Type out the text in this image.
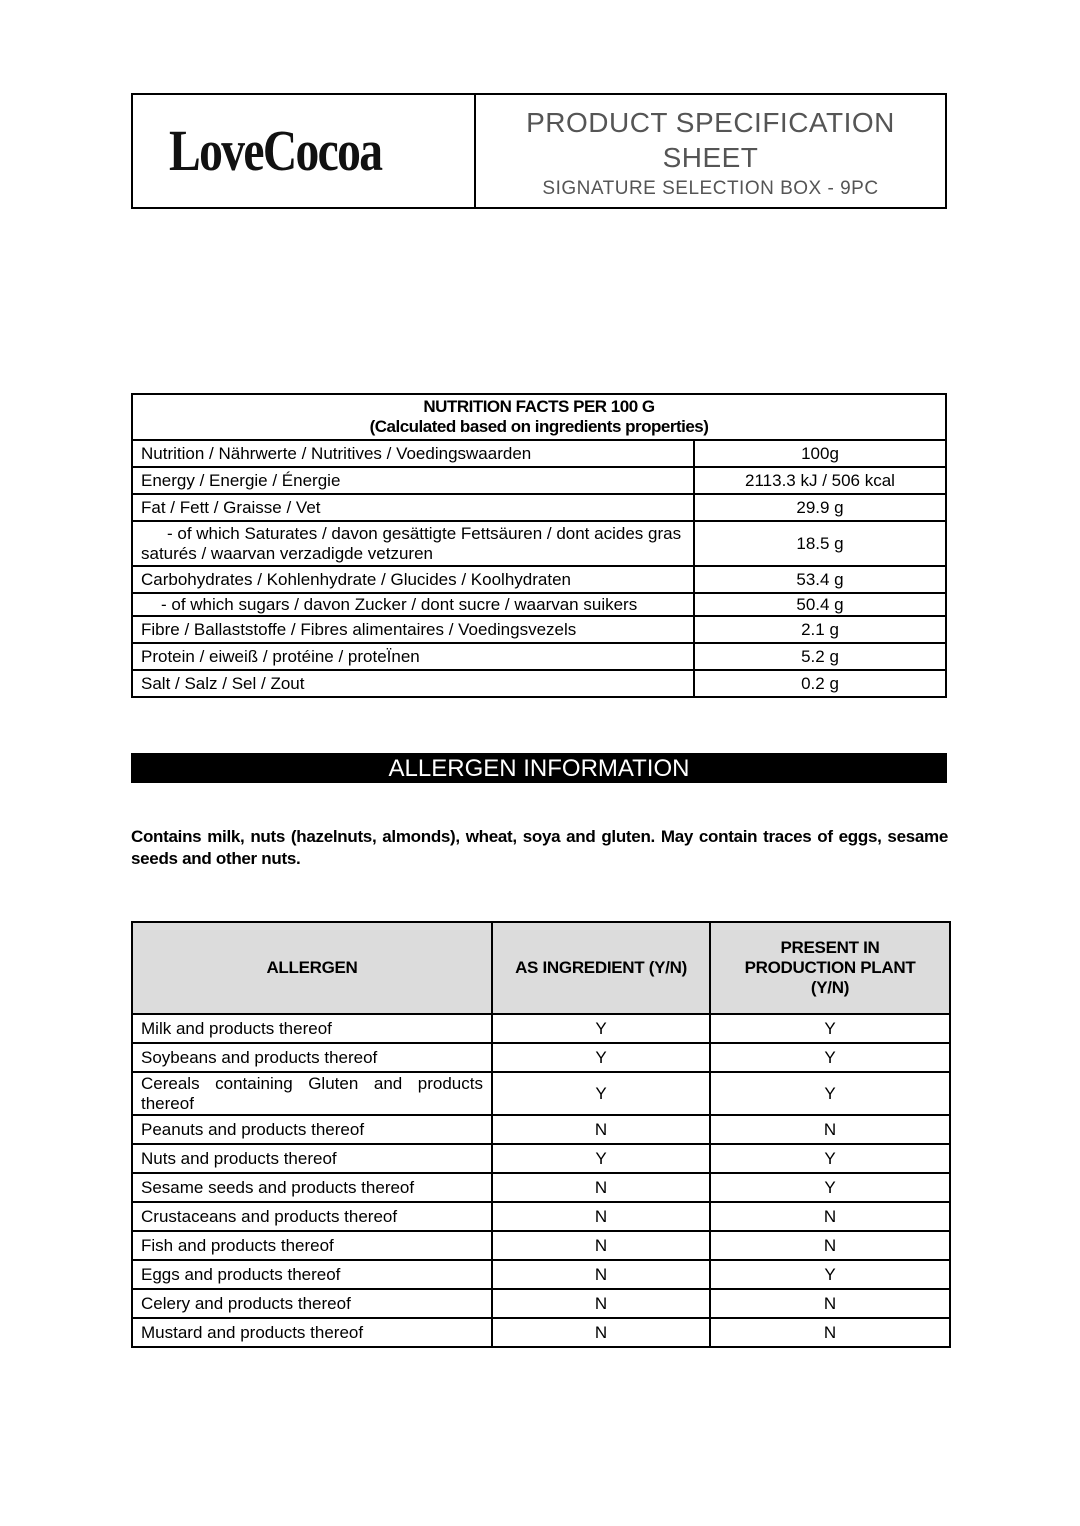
LoveCocoa	PRODUCT SPECIFICATION SHEET
SIGNATURE SELECTION BOX - 9PC
NUTRITION FACTS PER 100 G
(Calculated based on ingredients properties)	

Nutrition / Nährwerte / Nutritives / Voedingswaarden	100g
Energy / Energie / Énergie	2113.3 kJ / 506 kcal
Fat / Fett / Graisse / Vet	29.9 g

- of which Saturates / davon gesättigte Fettsäuren / dont acides gras saturés / waarvan verzadigde vetzuren	18.5 g
Carbohydrates / Kohlenhydrate / Glucides / Koolhydraten	53.4 g
- of which sugars / davon Zucker / dont sucre / waarvan suikers	50.4 g
Fibre / Ballaststoffe / Fibres alimentaires / Voedingsvezels	2.1 g
Protein / eiweiß / protéine / proteÏnen	5.2 g
Salt / Salz / Sel / Zout	0.2 g
ALLERGEN INFORMATION
Contains milk, nuts (hazelnuts, almonds), wheat, soya and gluten. May contain traces of eggs, sesame seeds and other nuts.
ALLERGEN	AS INGREDIENT (Y/N)	PRESENT IN PRODUCTION PLANT (Y/N)
Milk and products thereof	Y	Y
Soybeans and products thereof	Y	Y
Cereals containing Gluten and products thereof	Y	Y
Peanuts and products thereof	N	N
Nuts and products thereof	Y	Y
Sesame seeds and products thereof	N	Y
Crustaceans and products thereof	N	N
Fish and products thereof	N	N
Eggs and products thereof	N	Y
Celery and products thereof	N	N
Mustard and products thereof	N	N
